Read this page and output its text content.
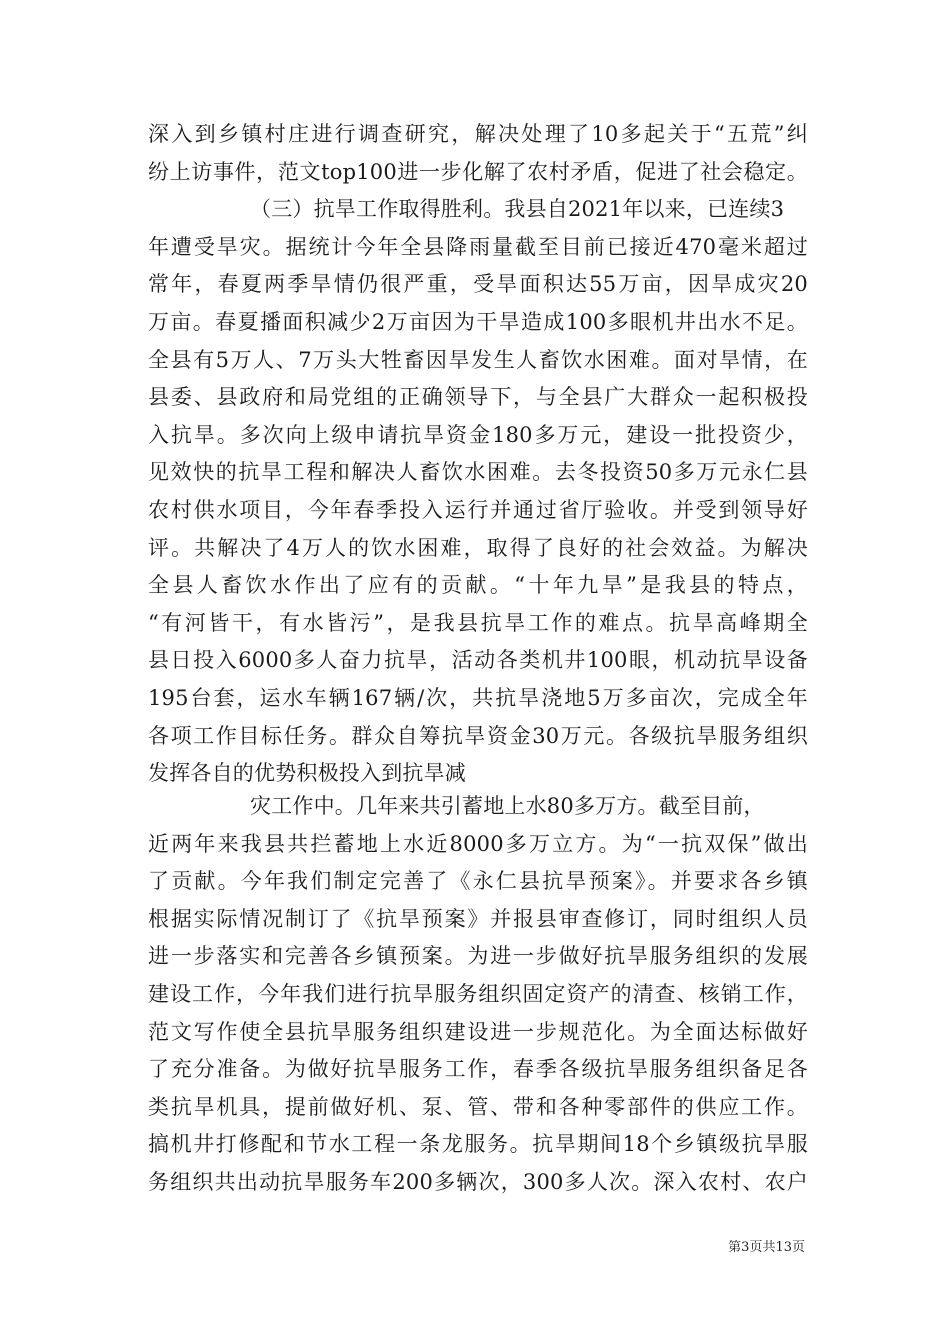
深入到乡镇村庄进行调查研究，解决处理了10多起关于“五荒”纠
纷上访事件，范文top100进一步化解了农村矛盾，促进了社会稳定。
（三）抗旱工作取得胜利。我县自2021年以来，已连续3
年遭受旱灾。据统计今年全县降雨量截至目前已接近470毫米超过
常年，春夏两季旱情仍很严重，受旱面积达55万亩，因旱成灾20
万亩。春夏播面积减少2万亩因为干旱造成100多眼机井出水不足。
全县有5万人、7万头大牲畜因旱发生人畜饮水困难。面对旱情，在
县委、县政府和局党组的正确领导下，与全县广大群众一起积极投
入抗旱。多次向上级申请抗旱资金180多万元，建设一批投资少，
见效快的抗旱工程和解决人畜饮水困难。去冬投资50多万元永仁县
农村供水项目，今年春季投入运行并通过省厅验收。并受到领导好
评。共解决了4万人的饮水困难，取得了良好的社会效益。为解决
全县人畜饮水作出了应有的贡献。“十年九旱”是我县的特点，
“有河皆干，有水皆污”，是我县抗旱工作的难点。抗旱高峰期全
县日投入6000多人奋力抗旱，活动各类机井100眼，机动抗旱设备
195台套，运水车辆167辆/次，共抗旱浇地5万多亩次，完成全年
各项工作目标任务。群众自筹抗旱资金30万元。各级抗旱服务组织
发挥各自的优势积极投入到抗旱减
灾工作中。几年来共引蓄地上水80多万方。截至目前，
近两年来我县共拦蓄地上水近8000多万立方。为“一抗双保”做出
了贡献。今年我们制定完善了《永仁县抗旱预案》。并要求各乡镇
根据实际情况制订了《抗旱预案》并报县审查修订，同时组织人员
进一步落实和完善各乡镇预案。为进一步做好抗旱服务组织的发展
建设工作，今年我们进行抗旱服务组织固定资产的清查、核销工作，
范文写作使全县抗旱服务组织建设进一步规范化。为全面达标做好
了充分准备。为做好抗旱服务工作，春季各级抗旱服务组织备足各
类抗旱机具，提前做好机、泵、管、带和各种零部件的供应工作。
搞机井打修配和节水工程一条龙服务。抗旱期间18个乡镇级抗旱服
务组织共出动抗旱服务车200多辆次，300多人次。深入农村、农户
第3页共13页
